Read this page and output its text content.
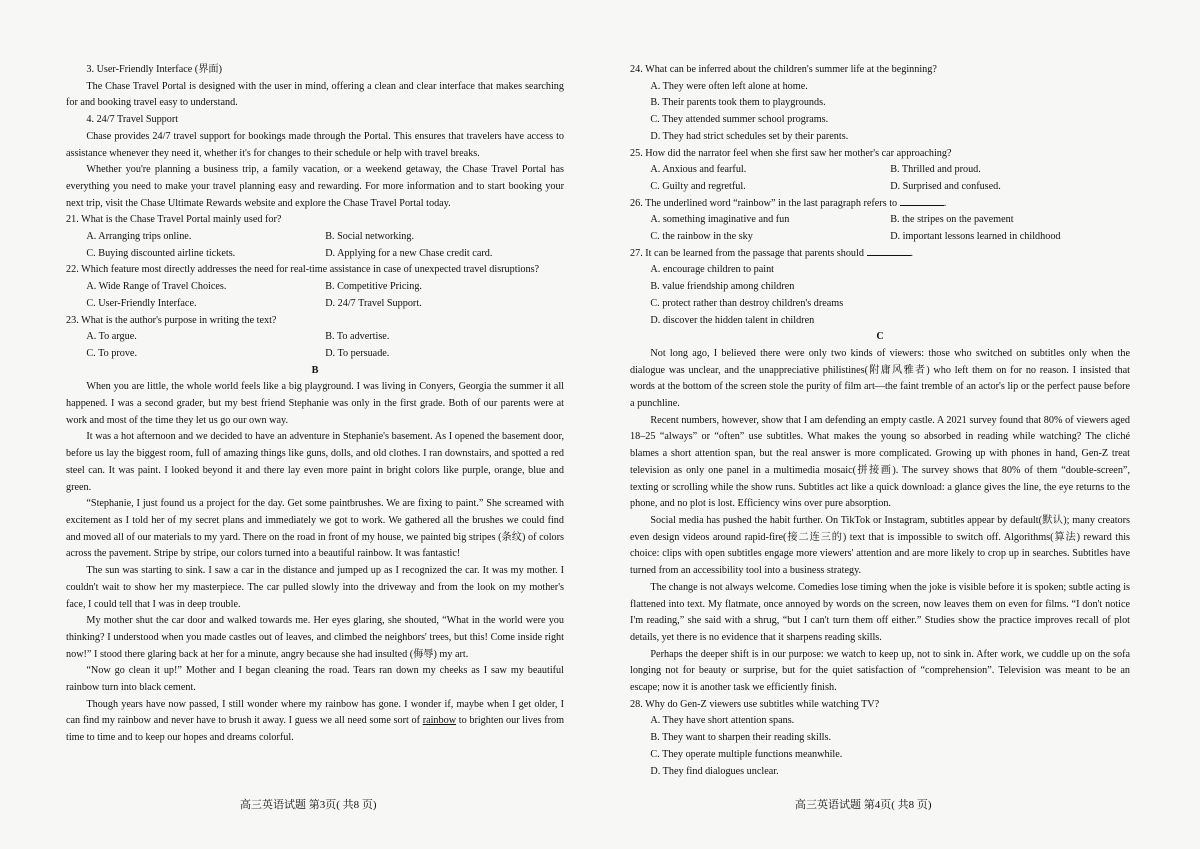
3. User-Friendly Interface (界面)

The Chase Travel Portal is designed with the user in mind, offering a clean and clear interface that makes searching for and booking travel easy to understand.

4. 24/7 Travel Support

Chase provides 24/7 travel support for bookings made through the Portal. This ensures that travelers have access to assistance whenever they need it, whether it's for changes to their schedule or help with travel breaks.

Whether you're planning a business trip, a family vacation, or a weekend getaway, the Chase Travel Portal has everything you need to make your travel planning easy and rewarding. For more information and to start booking your next trip, visit the Chase Ultimate Rewards website and explore the Chase Travel Portal today.

21. What is the Chase Travel Portal mainly used for?

A. Arranging trips online.	B. Social networking.
C. Buying discounted airline tickets.	D. Applying for a new Chase credit card.

22. Which feature most directly addresses the need for real-time assistance in case of unexpected travel disruptions?

A. Wide Range of Travel Choices.	B. Competitive Pricing.
C. User-Friendly Interface.	D. 24/7 Travel Support.

23. What is the author's purpose in writing the text?

A. To argue.	B. To advertise.
C. To prove.	D. To persuade.

B

When you are little, the whole world feels like a big playground. I was living in Conyers, Georgia the summer it all happened. I was a second grader, but my best friend Stephanie was only in the first grade. Both of our parents were at work and most of the time they let us go our own way.

It was a hot afternoon and we decided to have an adventure in Stephanie's basement. As I opened the basement door, before us lay the biggest room, full of amazing things like guns, dolls, and old clothes. I ran downstairs, and spotted a red steel can. It was paint. I looked beyond it and there lay even more paint in bright colors like purple, orange, blue and green.

“Stephanie, I just found us a project for the day. Get some paintbrushes. We are fixing to paint.” She screamed with excitement as I told her of my secret plans and immediately we got to work. We gathered all the brushes we could find and moved all of our materials to my yard. There on the road in front of my house, we painted big stripes (条纹) of colors across the pavement. Stripe by stripe, our colors turned into a beautiful rainbow. It was fantastic!

The sun was starting to sink. I saw a car in the distance and jumped up as I recognized the car. It was my mother. I couldn't wait to show her my masterpiece. The car pulled slowly into the driveway and from the look on my mother's face, I could tell that I was in deep trouble.

My mother shut the car door and walked towards me. Her eyes glaring, she shouted, “What in the world were you thinking? I understood when you made castles out of leaves, and climbed the neighbors' trees, but this! Come inside right now!” I stood there glaring back at her for a minute, angry because she had insulted (侮辱) my art.

“Now go clean it up!” Mother and I began cleaning the road. Tears ran down my cheeks as I saw my beautiful rainbow turn into black cement.

Though years have now passed, I still wonder where my rainbow has gone. I wonder if, maybe when I get older, I can find my rainbow and never have to brush it away. I guess we all need some sort of rainbow to brighten our lives from time to time and to keep our hopes and dreams colorful.

高三英语试题 第3页( 共8 页)

24. What can be inferred about the children's summer life at the beginning?

A. They were often left alone at home.

B. Their parents took them to playgrounds.

C. They attended summer school programs.

D. They had strict schedules set by their parents.

25. How did the narrator feel when she first saw her mother's car approaching?

A. Anxious and fearful.	B. Thrilled and proud.
C. Guilty and regretful.	D. Surprised and confused.

26. The underlined word “rainbow” in the last paragraph refers to	.

A. something imaginative and fun	B. the stripes on the pavement
C. the rainbow in the sky	D. important lessons learned in childhood

27. It can be learned from the passage that parents should	.

A. encourage children to paint

B. value friendship among children

C. protect rather than destroy children's dreams

D. discover the hidden talent in children

C

Not long ago, I believed there were only two kinds of viewers: those who switched on subtitles only when the dialogue was unclear, and the unappreciative philistines(附庸风雅者) who left them on for no reason. I insisted that words at the bottom of the screen stole the purity of film art—the faint tremble of an actor's lip or the perfect pause before a punchline.

Recent numbers, however, show that I am defending an empty castle. A 2021 survey found that 80% of viewers aged 18–25 “always” or “often” use subtitles. What makes the young so absorbed in reading while watching? The cliché blames a short attention span, but the real answer is more complicated. Growing up with phones in hand, Gen-Z treat television as only one panel in a multimedia mosaic(拼接画). The survey shows that 80% of them “double-screen”, texting or scrolling while the show runs. Subtitles act like a quick download: a glance gives the line, the eye returns to the phone, and no plot is lost. Efficiency wins over pure absorption.

Social media has pushed the habit further. On TikTok or Instagram, subtitles appear by default(默认); many creators even design videos around rapid-fire(接二连三的) text that is impossible to switch off. Algorithms(算法) reward this choice: clips with open subtitles engage more viewers' attention and are more likely to crop up in searches. Subtitles have turned from an accessibility tool into a business strategy.

The change is not always welcome. Comedies lose timing when the joke is visible before it is spoken; subtle acting is flattened into text. My flatmate, once annoyed by words on the screen, now leaves them on even for films. “I don't notice I'm reading,” she said with a shrug, “but I can't turn them off either.” Studies show the practice improves recall of plot details, yet there is no evidence that it sharpens reading skills.

Perhaps the deeper shift is in our purpose: we watch to keep up, not to sink in. After work, we cuddle up on the sofa longing not for beauty or surprise, but for the quiet satisfaction of “comprehension”. Television was meant to be an escape; now it is another task we efficiently finish.

28. Why do Gen-Z viewers use subtitles while watching TV?

A. They have short attention spans.

B. They want to sharpen their reading skills.

C. They operate multiple functions meanwhile.

D. They find dialogues unclear.

高三英语试题 第4页( 共8 页)
